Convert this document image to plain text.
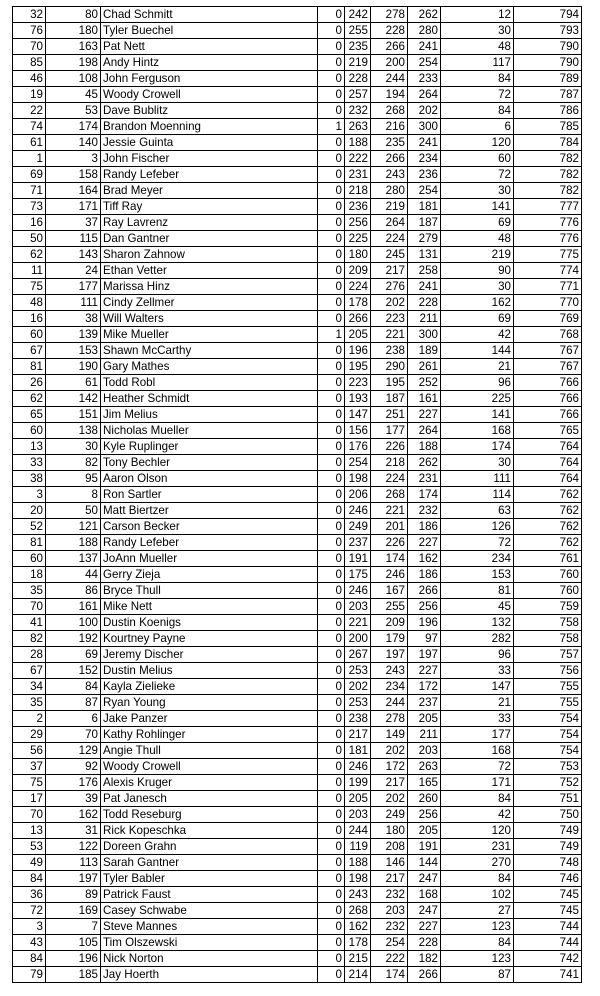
32	80	Chad Schmitt	0	242	278	262	12	794
76	180	Tyler Buechel	0	255	228	280	30	793
70	163	Pat Nett	0	235	266	241	48	790
85	198	Andy Hintz	0	219	200	254	117	790
46	108	John Ferguson	0	228	244	233	84	789
19	45	Woody Crowell	0	257	194	264	72	787
22	53	Dave Bublitz	0	232	268	202	84	786
74	174	Brandon Moenning	1	263	216	300	6	785
61	140	Jessie Guinta	0	188	235	241	120	784
1	3	John Fischer	0	222	266	234	60	782
69	158	Randy Lefeber	0	231	243	236	72	782
71	164	Brad Meyer	0	218	280	254	30	782
73	171	Tiff Ray	0	236	219	181	141	777
16	37	Ray Lavrenz	0	256	264	187	69	776
50	115	Dan Gantner	0	225	224	279	48	776
62	143	Sharon Zahnow	0	180	245	131	219	775
11	24	Ethan Vetter	0	209	217	258	90	774
75	177	Marissa Hinz	0	224	276	241	30	771
48	111	Cindy Zellmer	0	178	202	228	162	770
16	38	Will Walters	0	266	223	211	69	769
60	139	Mike Mueller	1	205	221	300	42	768
67	153	Shawn McCarthy	0	196	238	189	144	767
81	190	Gary Mathes	0	195	290	261	21	767
26	61	Todd Robl	0	223	195	252	96	766
62	142	Heather Schmidt	0	193	187	161	225	766
65	151	Jim Melius	0	147	251	227	141	766
60	138	Nicholas Mueller	0	156	177	264	168	765
13	30	Kyle Ruplinger	0	176	226	188	174	764
33	82	Tony Bechler	0	254	218	262	30	764
38	95	Aaron Olson	0	198	224	231	111	764
3	8	Ron Sartler	0	206	268	174	114	762
20	50	Matt Biertzer	0	246	221	232	63	762
52	121	Carson Becker	0	249	201	186	126	762
81	188	Randy Lefeber	0	237	226	227	72	762
60	137	JoAnn Mueller	0	191	174	162	234	761
18	44	Gerry Zieja	0	175	246	186	153	760
35	86	Bryce Thull	0	246	167	266	81	760
70	161	Mike Nett	0	203	255	256	45	759
41	100	Dustin Koenigs	0	221	209	196	132	758
82	192	Kourtney Payne	0	200	179	97	282	758
28	69	Jeremy Discher	0	267	197	197	96	757
67	152	Dustin Melius	0	253	243	227	33	756
34	84	Kayla Zielieke	0	202	234	172	147	755
35	87	Ryan Young	0	253	244	237	21	755
2	6	Jake Panzer	0	238	278	205	33	754
29	70	Kathy Rohlinger	0	217	149	211	177	754
56	129	Angie Thull	0	181	202	203	168	754
37	92	Woody Crowell	0	246	172	263	72	753
75	176	Alexis Kruger	0	199	217	165	171	752
17	39	Pat Janesch	0	205	202	260	84	751
70	162	Todd Reseburg	0	203	249	256	42	750
13	31	Rick Kopeschka	0	244	180	205	120	749
53	122	Doreen Grahn	0	119	208	191	231	749
49	113	Sarah Gantner	0	188	146	144	270	748
84	197	Tyler Babler	0	198	217	247	84	746
36	89	Patrick Faust	0	243	232	168	102	745
72	169	Casey Schwabe	0	268	203	247	27	745
3	7	Steve Mannes	0	162	232	227	123	744
43	105	Tim Olszewski	0	178	254	228	84	744
84	196	Nick Norton	0	215	222	182	123	742
79	185	Jay Hoerth	0	214	174	266	87	741
